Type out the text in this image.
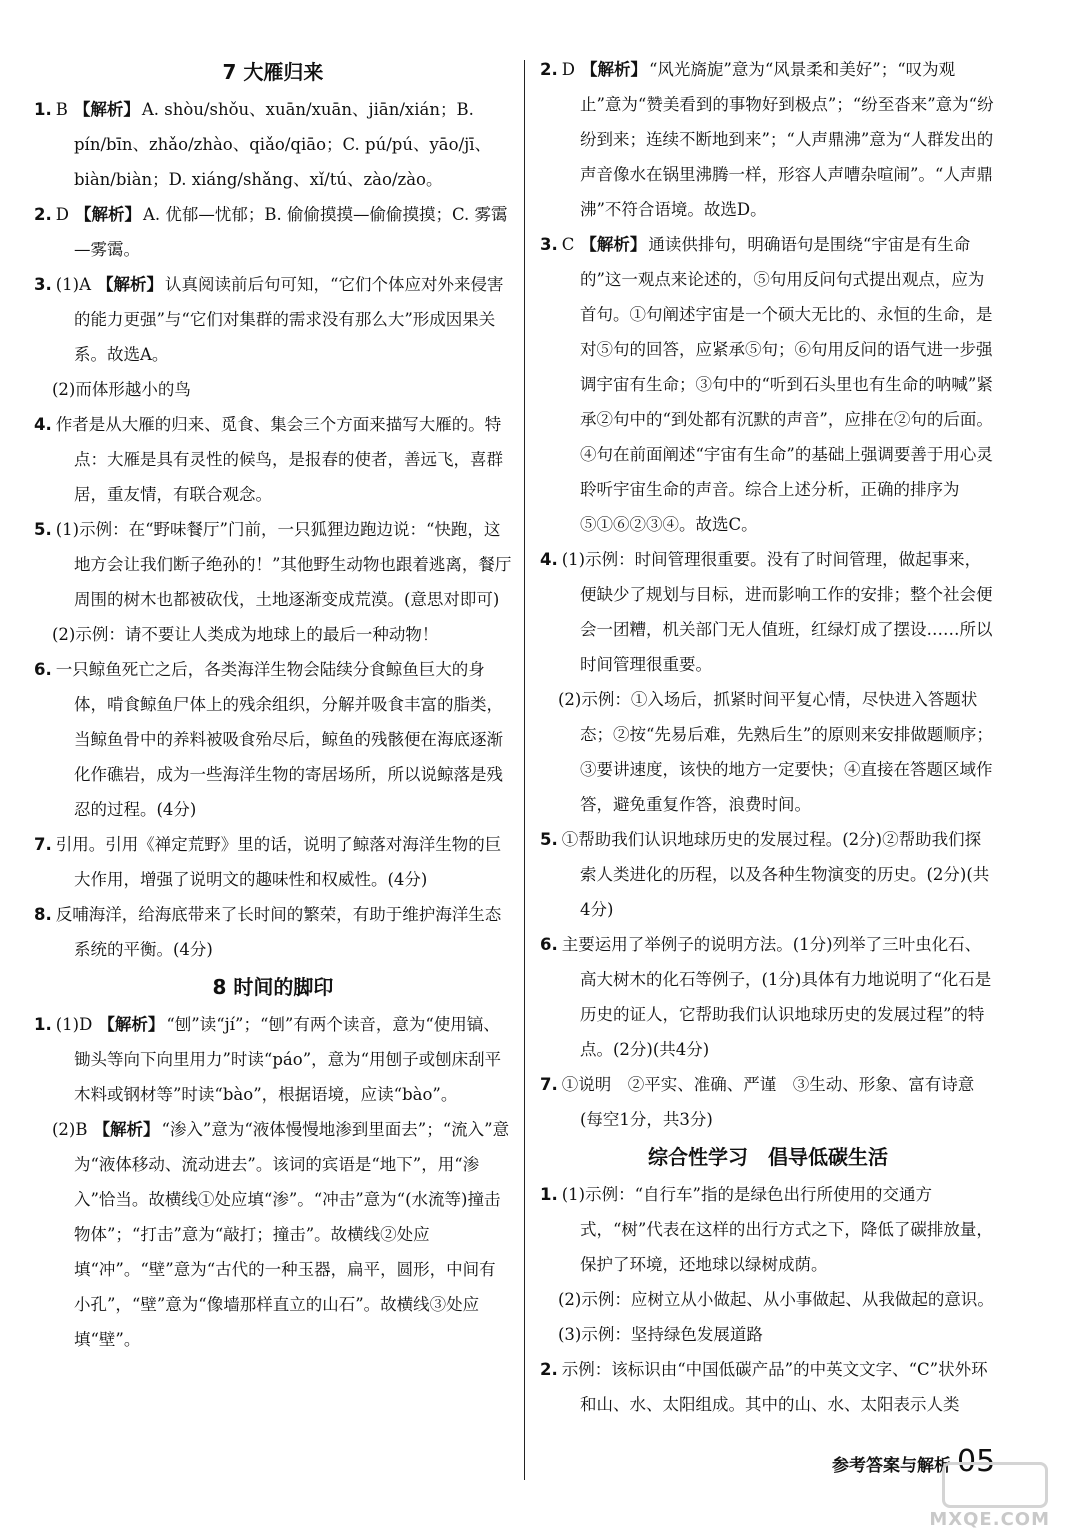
7 大雁归来

1. B 【解析】 A. shòu/shǒu、xuān/xuān、jiān/xián；B. pín/bīn、zhǎo/zhào、qiǎo/qiāo；C. pú/pú、yāo/jī、biàn/biàn；D. xiáng/shǎng、xǐ/tú、zào/zào。

2. D 【解析】 A. 优郁—忧郁；B. 偷偷摸摸—偷偷摸摸；C. 雾霭—雾霭。

3. (1)A 【解析】 认真阅读前后句可知，“它们个体应对外来侵害的能力更强”与“它们对集群的需求没有那么大”形成因果关系。故选A。

(2)而体形越小的鸟

4. 作者是从大雁的归来、觅食、集会三个方面来描写大雁的。特点：大雁是具有灵性的候鸟，是报春的使者，善远飞，喜群居，重友情，有联合观念。

5. (1)示例：在“野味餐厅”门前，一只狐狸边跑边说：“快跑，这地方会让我们断子绝孙的！”其他野生动物也跟着逃离，餐厅周围的树木也都被砍伐，土地逐渐变成荒漠。(意思对即可)

(2)示例：请不要让人类成为地球上的最后一种动物！

6. 一只鲸鱼死亡之后，各类海洋生物会陆续分食鲸鱼巨大的身体，啃食鲸鱼尸体上的残余组织，分解并吸食丰富的脂类，当鲸鱼骨中的养料被吸食殆尽后，鲸鱼的残骸便在海底逐渐化作礁岩，成为一些海洋生物的寄居场所，所以说鲸落是残忍的过程。(4分)

7. 引用。引用《禅定荒野》里的话，说明了鲸落对海洋生物的巨大作用，增强了说明文的趣味性和权威性。(4分)

8. 反哺海洋，给海底带来了长时间的繁荣，有助于维护海洋生态系统的平衡。(4分)

8 时间的脚印

1. (1)D 【解析】 “刨”读“jí”；“刨”有两个读音，意为“使用镐、锄头等向下向里用力”时读“páo”，意为“用刨子或刨床刮平木料或钢材等”时读“bào”，根据语境，应读“bào”。

(2)B 【解析】 “渗入”意为“液体慢慢地渗到里面去”；“流入”意为“液体移动、流动进去”。该词的宾语是“地下”，用“渗入”恰当。故横线①处应填“渗”。“冲击”意为“(水流等)撞击物体”；“打击”意为“敲打；撞击”。故横线②处应填“冲”。“壁”意为“古代的一种玉器，扁平，圆形，中间有小孔”，“壁”意为“像墙那样直立的山石”。故横线③处应填“壁”。

2. D 【解析】 “风光旖旎”意为“风景柔和美好”；“叹为观止”意为“赞美看到的事物好到极点”；“纷至沓来”意为“纷纷到来；连续不断地到来”；“人声鼎沸”意为“人群发出的声音像水在锅里沸腾一样，形容人声嘈杂喧闹”。“人声鼎沸”不符合语境。故选D。

3. C 【解析】 通读供排句，明确语句是围绕“宇宙是有生命的”这一观点来论述的，⑤句用反问句式提出观点，应为首句。①句阐述宇宙是一个硕大无比的、永恒的生命，是对⑤句的回答，应紧承⑤句；⑥句用反问的语气进一步强调宇宙有生命；③句中的“听到石头里也有生命的呐喊”紧承②句中的“到处都有沉默的声音”，应排在②句的后面。④句在前面阐述“宇宙有生命”的基础上强调要善于用心灵聆听宇宙生命的声音。综合上述分析，正确的排序为⑤①⑥②③④。故选C。

4. (1)示例：时间管理很重要。没有了时间管理，做起事来，便缺少了规划与目标，进而影响工作的安排；整个社会便会一团糟，机关部门无人值班，红绿灯成了摆设……所以时间管理很重要。

(2)示例：①入场后，抓紧时间平复心情，尽快进入答题状态；②按“先易后难，先熟后生”的原则来安排做题顺序；③要讲速度，该快的地方一定要快；④直接在答题区域作答，避免重复作答，浪费时间。

5. ①帮助我们认识地球历史的发展过程。(2分)②帮助我们探索人类进化的历程，以及各种生物演变的历史。(2分)(共4分)

6. 主要运用了举例子的说明方法。(1分)列举了三叶虫化石、高大树木的化石等例子，(1分)具体有力地说明了“化石是历史的证人，它帮助我们认识地球历史的发展过程”的特点。(2分)(共4分)

7. ①说明　②平实、准确、严谨　③生动、形象、富有诗意(每空1分，共3分)

综合性学习　倡导低碳生活

1. (1)示例：“自行车”指的是绿色出行所使用的交通方式，“树”代表在这样的出行方式之下，降低了碳排放量，保护了环境，还地球以绿树成荫。

(2)示例：应树立从小做起、从小事做起、从我做起的意识。

(3)示例：坚持绿色发展道路

2. 示例：该标识由“中国低碳产品”的中英文文字、“C”状外环和山、水、太阳组成。其中的山、水、太阳表示人类

参考答案与解析 05
MXQE.COM
